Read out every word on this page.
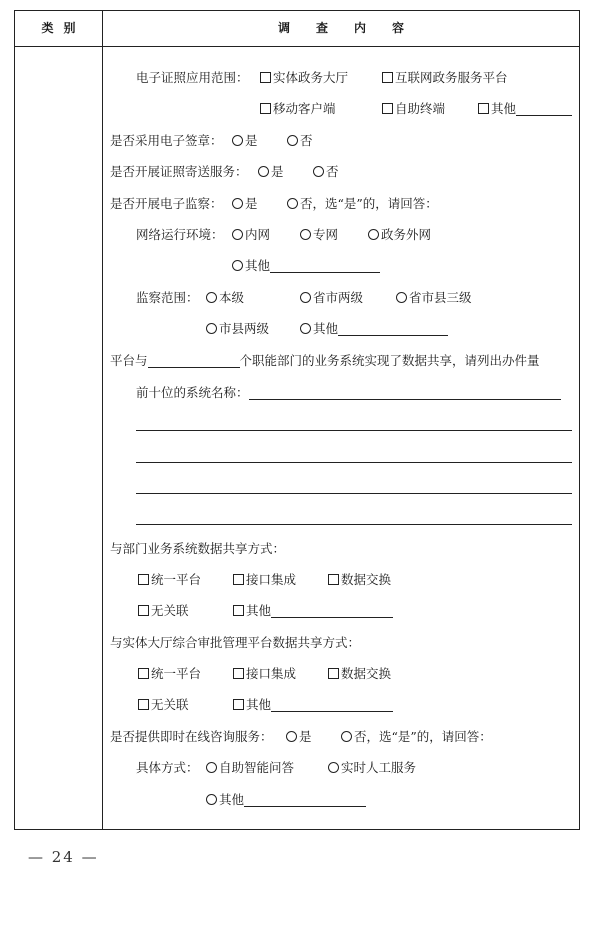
类别	调查内容
电子证照应用范围：	实体政务大厅	互联网政务服务平台
移动客户端	自助终端	其他
是否采用电子签章：	是	否
是否开展证照寄送服务：	是	否
是否开展电子监察：	是	否，选“是”的，请回答：
网络运行环境：	内网	专网	政务外网
其他
监察范围：	本级	省市两级	省市县三级
市县两级	其他
平台与	个职能部门的业务系统实现了数据共享，请列出办件量
前十位的系统名称：
与部门业务系统数据共享方式：
统一平台	接口集成	数据交换
无关联	其他
与实体大厅综合审批管理平台数据共享方式：
统一平台	接口集成	数据交换
无关联	其他
是否提供即时在线咨询服务：	是	否，选“是”的，请回答：
具体方式：	自助智能问答	实时人工服务
其他
— 24 —
